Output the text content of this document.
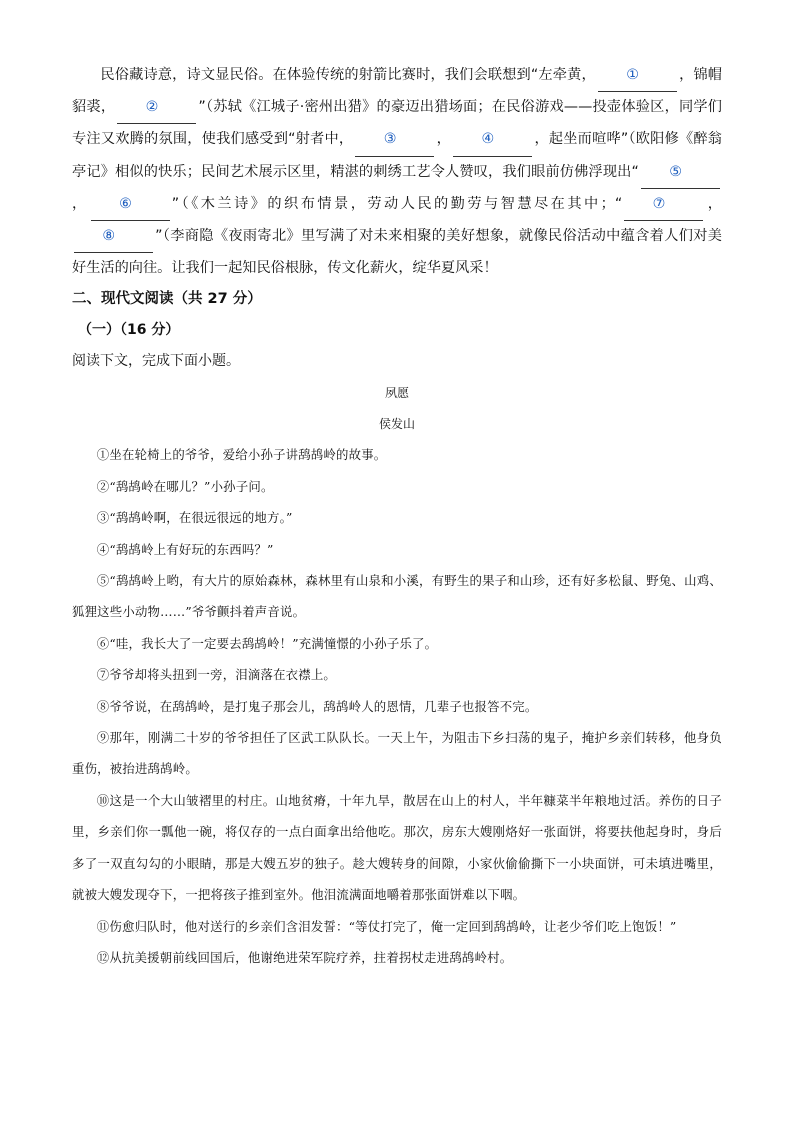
民俗藏诗意，诗文显民俗。在体验传统的射箭比赛时，我们会联想到“左牵黄， ①	，锦帽貂裘， ②	”（苏轼《江城子·密州出猎》的豪迈出猎场面；在民俗游戏——投壶体验区，同学们专注又欢腾的氛围，使我们感受到“射者中， ③	， ④	，起坐而喧哗”（欧阳修《醉翁亭记》相似的快乐；民间艺术展示区里，精湛的刺绣工艺令人赞叹，我们眼前仿佛浮现出“ ⑤， ⑥	”（《木兰诗》的织布情景，劳动人民的勤劳与智慧尽在其中；“ ⑦	，⑧	”（李商隐《夜雨寄北》里写满了对未来相聚的美好想象，就像民俗活动中蕴含着人们对美好生活的向往。让我们一起知民俗根脉，传文化薪火，绽华夏风采！

二、现代文阅读（共 27 分）

（一）（16 分）

阅读下文，完成下面小题。

夙愿

侯发山

①坐在轮椅上的爷爷，爱给小孙子讲鸹鸪岭的故事。

②“鸹鸪岭在哪儿？”小孙子问。

③“鸹鸪岭啊，在很远很远的地方。”

④“鸹鸪岭上有好玩的东西吗？”

⑤“鸹鸪岭上哟，有大片的原始森林，森林里有山泉和小溪，有野生的果子和山珍，还有好多松鼠、野兔、山鸡、狐狸这些小动物……”爷爷颤抖着声音说。

⑥“哇，我长大了一定要去鸹鸪岭！”充满憧憬的小孙子乐了。

⑦爷爷却将头扭到一旁，泪滴落在衣襟上。

⑧爷爷说，在鸹鸪岭，是打鬼子那会儿，鸹鸪岭人的恩情，几辈子也报答不完。

⑨那年，刚满二十岁的爷爷担任了区武工队队长。一天上午，为阻击下乡扫荡的鬼子，掩护乡亲们转移，他身负重伤，被抬进鸹鸪岭。

⑩这是一个大山皱褶里的村庄。山地贫瘠，十年九旱，散居在山上的村人，半年糠菜半年粮地过活。养伤的日子里，乡亲们你一瓢他一碗，将仅存的一点白面拿出给他吃。那次，房东大嫂刚烙好一张面饼，将要扶他起身时，身后多了一双直勾勾的小眼睛，那是大嫂五岁的独子。趁大嫂转身的间隙，小家伙偷偷撕下一小块面饼，可未填进嘴里，就被大嫂发现夺下，一把将孩子推到室外。他泪流满面地嚼着那张面饼难以下咽。

⑪伤愈归队时，他对送行的乡亲们含泪发誓：“等仗打完了，俺一定回到鸹鸪岭，让老少爷们吃上饱饭！”

⑫从抗美援朝前线回国后，他谢绝进荣军院疗养，拄着拐杖走进鸹鸪岭村。
